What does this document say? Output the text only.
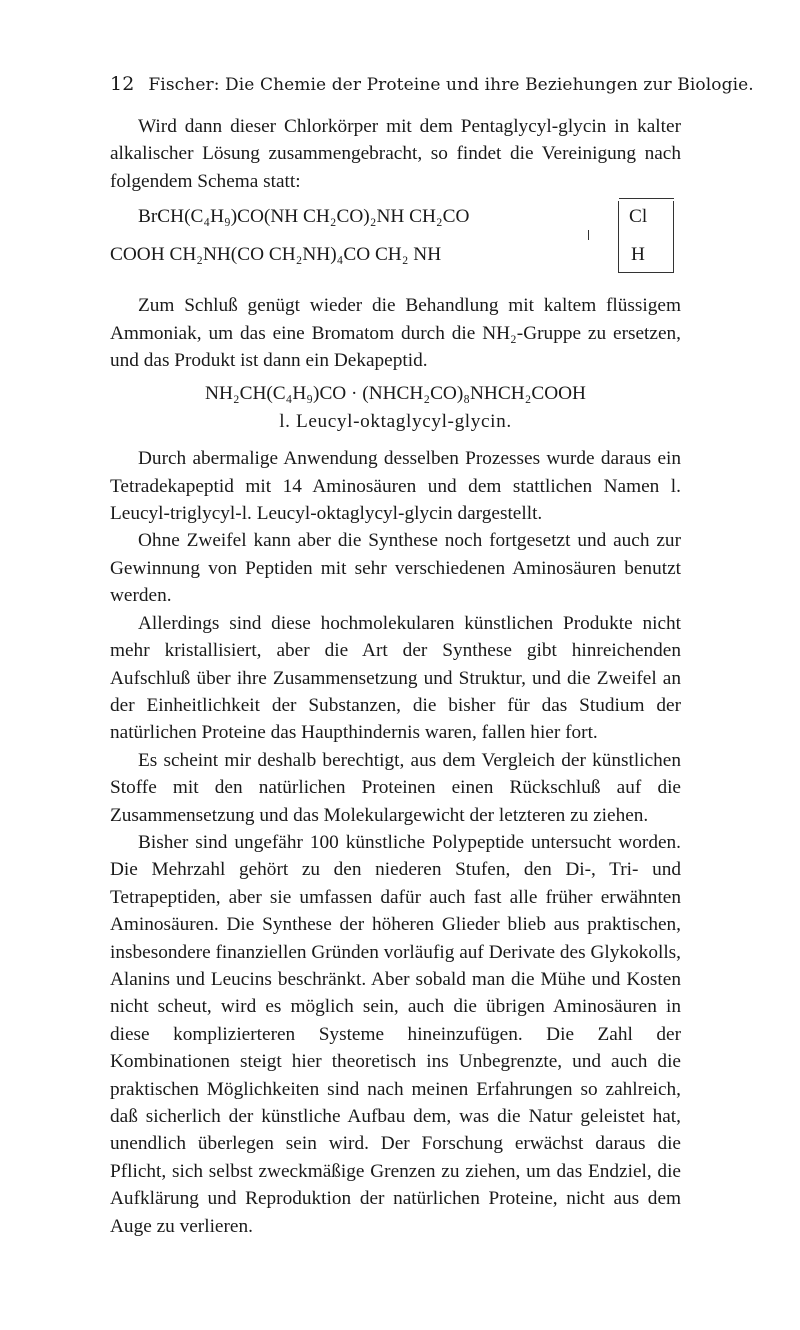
12 Fischer: Die Chemie der Proteine und ihre Beziehungen zur Biologie.

Wird dann dieser Chlorkörper mit dem Pentaglycyl-glycin in kalter alkalischer Lösung zusammengebracht, so findet die Vereinigung nach folgendem Schema statt:

BrCH(C₄H₉)CO(NH CH₂CO)₂NH CH₂CO
COOH CH₂NH(CO CH₂NH)₄CO CH₂ NH
Cl
H

Zum Schluß genügt wieder die Behandlung mit kaltem flüssigem Ammoniak, um das eine Bromatom durch die NH₂-Gruppe zu ersetzen, und das Produkt ist dann ein Dekapeptid.

NH₂CH(C₄H₉)CO · (NHCH₂CO)₈NHCH₂COOH

l. Leucyl-oktaglycyl-glycin.

Durch abermalige Anwendung desselben Prozesses wurde daraus ein Tetradekapeptid mit 14 Aminosäuren und dem stattlichen Namen l. Leucyl-triglycyl-l. Leucyl-oktaglycyl-glycin dargestellt.

Ohne Zweifel kann aber die Synthese noch fortgesetzt und auch zur Gewinnung von Peptiden mit sehr verschiedenen Aminosäuren benutzt werden.

Allerdings sind diese hochmolekularen künstlichen Produkte nicht mehr kristallisiert, aber die Art der Synthese gibt hinreichenden Aufschluß über ihre Zusammensetzung und Struktur, und die Zweifel an der Einheitlichkeit der Substanzen, die bisher für das Studium der natürlichen Proteine das Haupthindernis waren, fallen hier fort.

Es scheint mir deshalb berechtigt, aus dem Vergleich der künstlichen Stoffe mit den natürlichen Proteinen einen Rückschluß auf die Zusammensetzung und das Molekulargewicht der letzteren zu ziehen.

Bisher sind ungefähr 100 künstliche Polypeptide untersucht worden. Die Mehrzahl gehört zu den niederen Stufen, den Di-, Tri- und Tetrapeptiden, aber sie umfassen dafür auch fast alle früher erwähnten Aminosäuren. Die Synthese der höheren Glieder blieb aus praktischen, insbesondere finanziellen Gründen vorläufig auf Derivate des Glykokolls, Alanins und Leucins beschränkt. Aber sobald man die Mühe und Kosten nicht scheut, wird es möglich sein, auch die übrigen Aminosäuren in diese komplizierteren Systeme hineinzufügen. Die Zahl der Kombinationen steigt hier theoretisch ins Unbegrenzte, und auch die praktischen Möglichkeiten sind nach meinen Erfahrungen so zahlreich, daß sicherlich der künstliche Aufbau dem, was die Natur geleistet hat, unendlich überlegen sein wird. Der Forschung erwächst daraus die Pflicht, sich selbst zweckmäßige Grenzen zu ziehen, um das Endziel, die Aufklärung und Reproduktion der natürlichen Proteine, nicht aus dem Auge zu verlieren.
